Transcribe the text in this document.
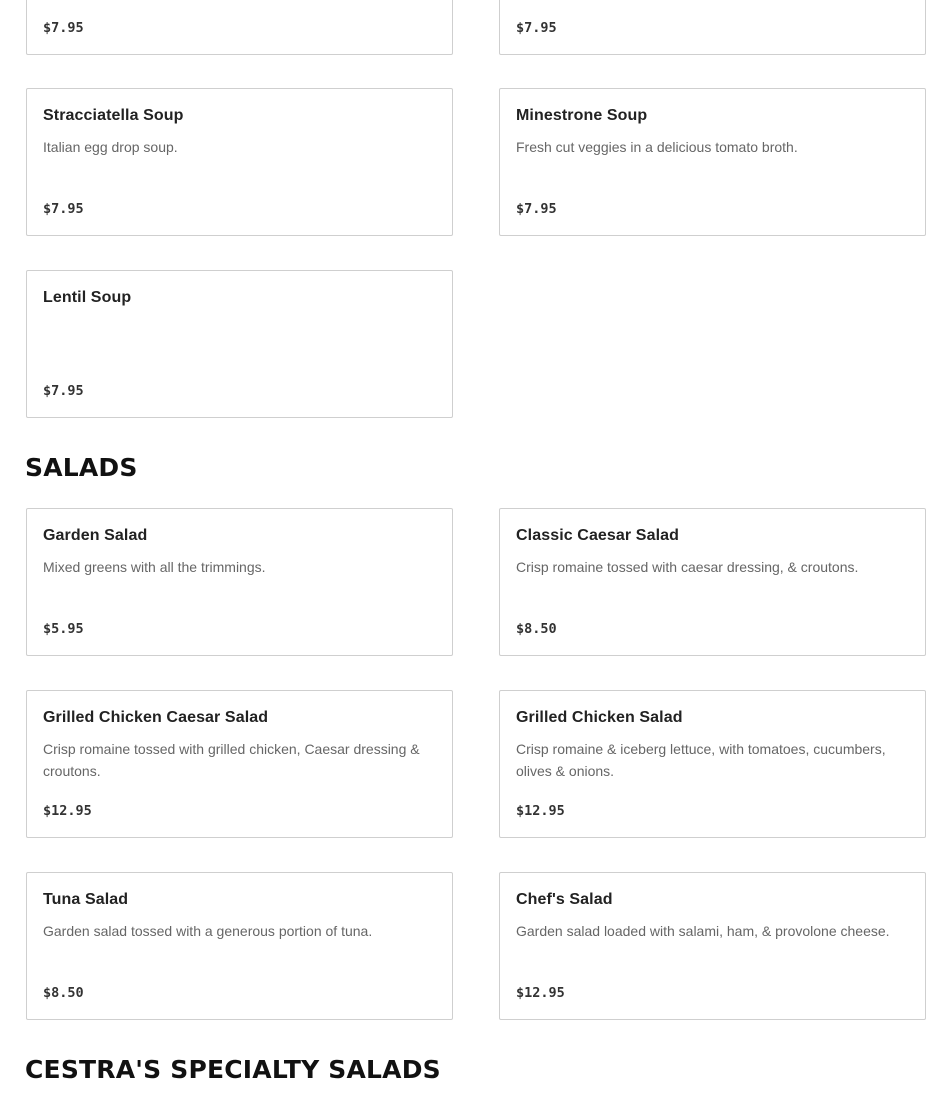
$7.95	$7.95
Stracciatella Soup
Italian egg drop soup.
$7.95
Minestrone Soup
Fresh cut veggies in a delicious tomato broth.
$7.95
Lentil Soup
$7.95
SALADS
Garden Salad
Mixed greens with all the trimmings.
$5.95
Classic Caesar Salad
Crisp romaine tossed with caesar dressing, & croutons.
$8.50
Grilled Chicken Caesar Salad
Crisp romaine tossed with grilled chicken, Caesar dressing & croutons.
$12.95
Grilled Chicken Salad
Crisp romaine & iceberg lettuce, with tomatoes, cucumbers, olives & onions.
$12.95
Tuna Salad
Garden salad tossed with a generous portion of tuna.
$8.50
Chef's Salad
Garden salad loaded with salami, ham, & provolone cheese.
$12.95
CESTRA'S SPECIALTY SALADS
